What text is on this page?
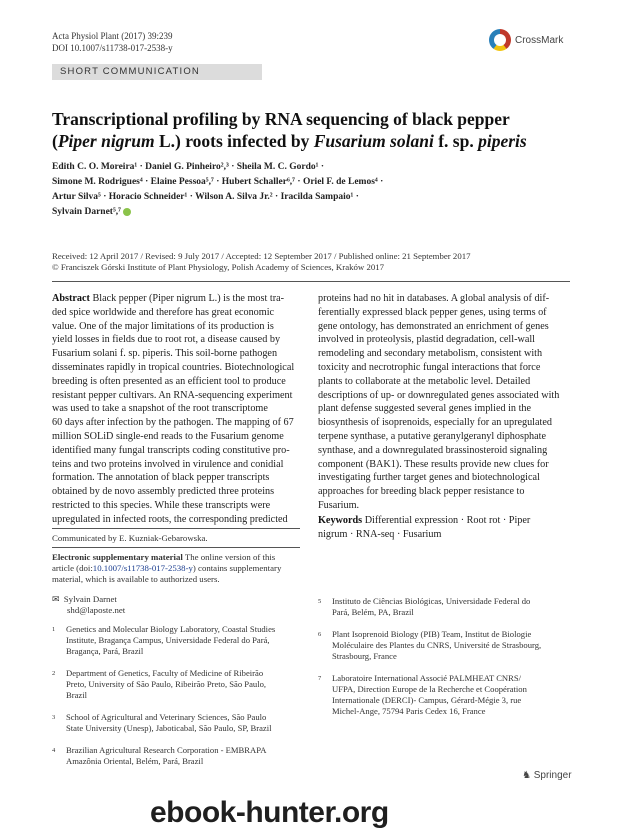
Acta Physiol Plant (2017) 39:239
DOI 10.1007/s11738-017-2538-y
CrossMark
SHORT COMMUNICATION
Transcriptional profiling by RNA sequencing of black pepper
(Piper nigrum L.) roots infected by Fusarium solani f. sp. piperis
Edith C. O. Moreira¹ · Daniel G. Pinheiro²,³ · Sheila M. C. Gordo¹ ·
Simone M. Rodrigues⁴ · Elaine Pessoa⁵,⁷ · Hubert Schaller⁶,⁷ · Oriel F. de Lemos⁴ ·
Artur Silva⁵ · Horacio Schneider¹ · Wilson A. Silva Jr.² · Iracilda Sampaio¹ ·
Sylvain Darnet⁵,⁷
Received: 12 April 2017 / Revised: 9 July 2017 / Accepted: 12 September 2017 / Published online: 21 September 2017
© Franciszek Górski Institute of Plant Physiology, Polish Academy of Sciences, Kraków 2017
Abstract Black pepper (Piper nigrum L.) is the most tra-
ded spice worldwide and therefore has great economic
value. One of the major limitations of its production is
yield losses in fields due to root rot, a disease caused by
Fusarium solani f. sp. piperis. This soil-borne pathogen
disseminates rapidly in tropical countries. Biotechnological
breeding is often presented as an efficient tool to produce
resistant pepper cultivars. An RNA-sequencing experiment
was used to take a snapshot of the root transcriptome
60 days after infection by the pathogen. The mapping of 67
million SOLiD single-end reads to the Fusarium genome
identified many fungal transcripts coding constitutive pro-
teins and two proteins involved in virulence and conidial
formation. The annotation of black pepper transcripts
obtained by de novo assembly predicted three proteins
restricted to this species. While these transcripts were
upregulated in infected roots, the corresponding predicted
proteins had no hit in databases. A global analysis of dif-
ferentially expressed black pepper genes, using terms of
gene ontology, has demonstrated an enrichment of genes
involved in proteolysis, plastid degradation, cell-wall
remodeling and secondary metabolism, consistent with
toxicity and necrotrophic fungal interactions that force
plants to collaborate at the metabolic level. Detailed
descriptions of up- or downregulated genes associated with
plant defense suggested several genes implied in the
biosynthesis of isoprenoids, especially for an upregulated
terpene synthase, a putative geranylgeranyl diphosphate
synthase, and a downregulated brassinosteroid signaling
component (BAK1). These results provide new clues for
investigating further target genes and biotechnological
approaches for breeding black pepper resistance to
Fusarium.
Keywords Differential expression · Root rot · Piper
nigrum · RNA-seq · Fusarium
Communicated by E. Kuzniak-Gebarowska.
Electronic supplementary material The online version of this
article (doi:10.1007/s11738-017-2538-y) contains supplementary
material, which is available to authorized users.
✉ Sylvain Darnet
shd@laposte.net
1 Genetics and Molecular Biology Laboratory, Coastal Studies
Institute, Bragança Campus, Universidade Federal do Pará,
Bragança, Pará, Brazil
2 Department of Genetics, Faculty of Medicine of Ribeirão
Preto, University of São Paulo, Ribeirão Preto, São Paulo,
Brazil
3 School of Agricultural and Veterinary Sciences, São Paulo
State University (Unesp), Jaboticabal, São Paulo, SP, Brazil
4 Brazilian Agricultural Research Corporation - EMBRAPA
Amazônia Oriental, Belém, Pará, Brazil
5 Instituto de Ciências Biológicas, Universidade Federal do
Pará, Belém, PA, Brazil
6 Plant Isoprenoid Biology (PIB) Team, Institut de Biologie
Moléculaire des Plantes du CNRS, Université de Strasbourg,
Strasbourg, France
7 Laboratoire International Associé PALMHEAT CNRS/
UFPA, Direction Europe de la Recherche et Coopération
Internationale (DERCI)- Campus, Gérard-Mégie 3, rue
Michel-Ange, 75794 Paris Cedex 16, France
♞ Springer
ebook-hunter.org
